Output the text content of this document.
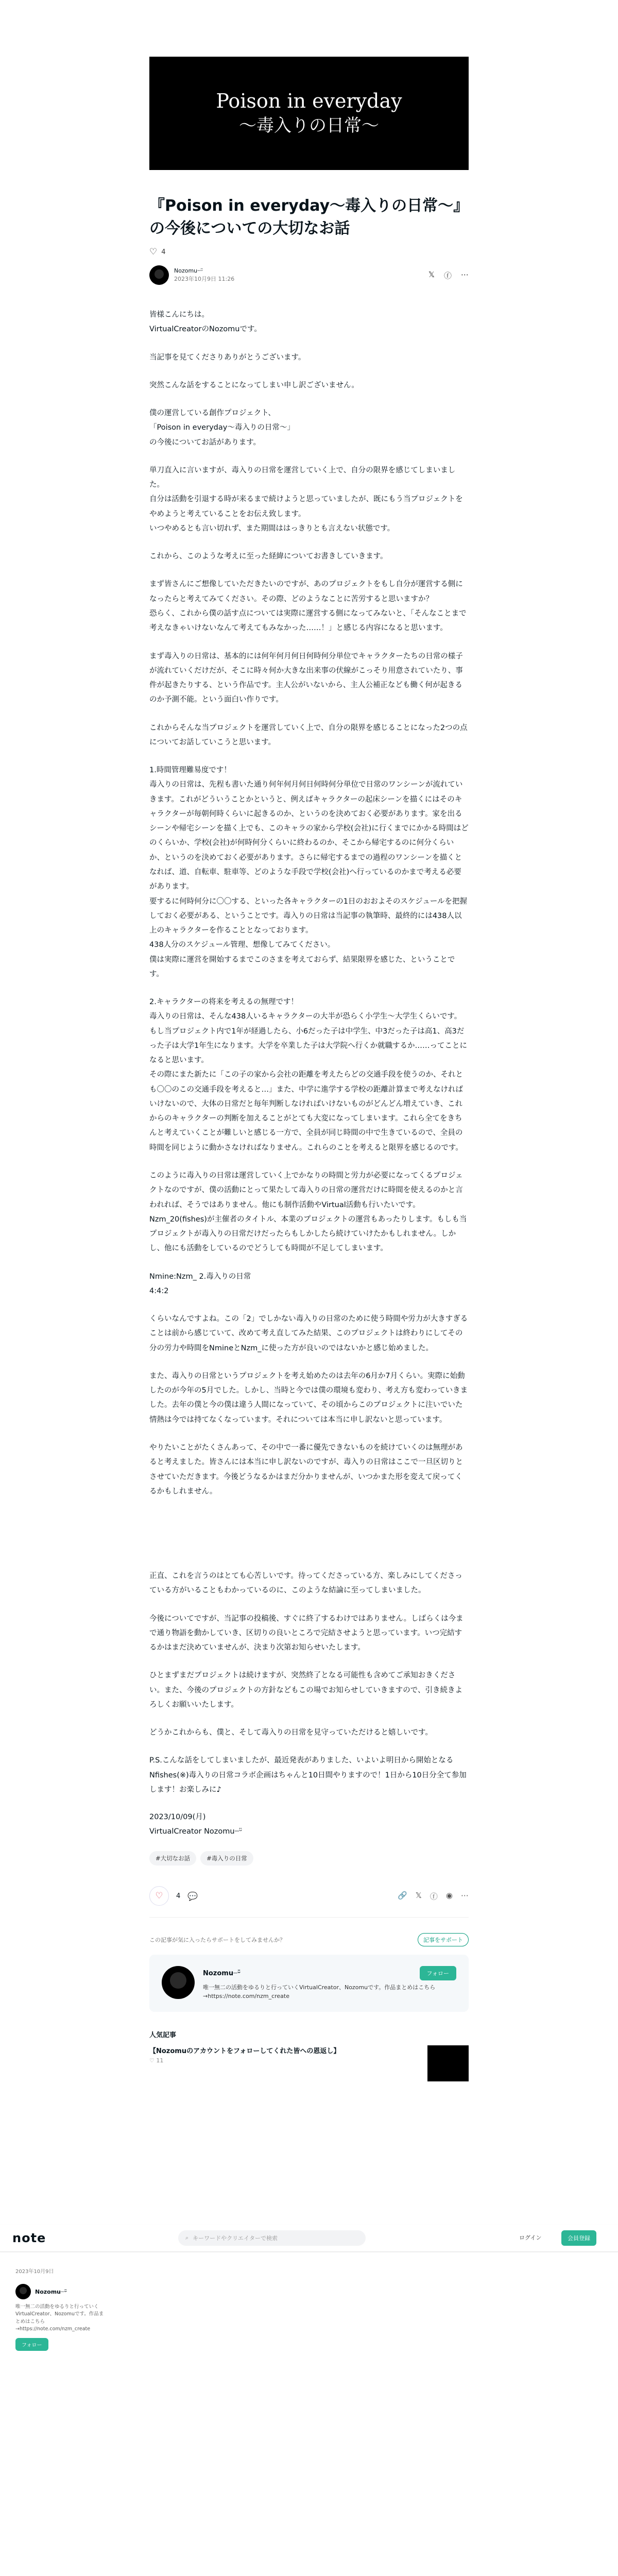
Poison in everyday
～毒入りの日常～
『Poison in everyday～毒入りの日常～』の今後についての大切なお話
♡ 4
Nozomu┈ᵕ̈
2023年10月9日 11:26	𝕏 ⓕ ⋯

皆様こんにちは。
VirtualCreatorのNozomuです。

当記事を見てくださりありがとうございます。

突然こんな話をすることになってしまい申し訳ございません。

僕の運営している創作プロジェクト、
「Poison in everyday～毒入りの日常～」
の今後についてお話があります。

単刀直入に言いますが、毒入りの日常を運営していく上で、自分の限界を感じてしまいました。
自分は活動を引退する時が来るまで続けようと思っていましたが、既にもう当プロジェクトをやめようと考えていることをお伝え致します。
いつやめるとも言い切れず、また期間ははっきりとも言えない状態です。

これから、このような考えに至った経緯についてお書きしていきます。

まず皆さんにご想像していただきたいのですが、あのプロジェクトをもし自分が運営する側になったらと考えてみてください。その際、どのようなことに苦労すると思いますか？
恐らく、これから僕の話す点については実際に運営する側になってみないと、「そんなことまで考えなきゃいけないなんて考えてもみなかった……！」と感じる内容になると思います。

まず毒入りの日常は、基本的には何年何月何日何時何分単位でキャラクターたちの日常の様子が流れていくだけだが、そこに時々何か大きな出来事の伏線がこっそり用意されていたり、事件が起きたりする、という作品です。主人公がいないから、主人公補正なども働く何が起きるのか予測不能。という面白い作りです。

これからそんな当プロジェクトを運営していく上で、自分の限界を感じることになった2つの点についてお話していこうと思います。

1.時間管理難易度です！
毒入りの日常は、先程も書いた通り何年何月何日何時何分単位で日常のワンシーンが流れていきます。これがどういうことかというと、例えばキャラクターの起床シーンを描くにはそのキャラクターが毎朝何時くらいに起きるのか、というのを決めておく必要があります。家を出るシーンや帰宅シーンを描く上でも、このキャラの家から学校(会社)に行くまでにかかる時間はどのくらいか、学校(会社)が何時何分くらいに終わるのか、そこから帰宅するのに何分くらいか、というのを決めておく必要があります。さらに帰宅するまでの過程のワンシーンを描くとなれば、道、自転車、駐車等、どのような手段で学校(会社)へ行っているのかまで考える必要があります。
要するに何時何分に〇〇する、といった各キャラクターの1日のおおよそのスケジュールを把握しておく必要がある、ということです。毒入りの日常は当記事の執筆時、最終的には438人以上のキャラクターを作ることとなっております。
438人分のスケジュール管理、想像してみてください。
僕は実際に運営を開始するまでこのさまを考えておらず、結果限界を感じた、ということです。

2.キャラクターの将来を考えるの無理です！
毒入りの日常は、そんな438人いるキャラクターの大半が恐らく小学生〜大学生くらいです。もし当プロジェクト内で1年が経過したら、小6だった子は中学生、中3だった子は高1、高3だった子は大学1年生になります。大学を卒業した子は大学院へ行くか就職するか……ってことになると思います。
その際にまた新たに「この子の家から会社の距離を考えたらどの交通手段を使うのか、それとも〇〇のこの交通手段を考えると…」また、中学に進学する学校の距離計算まで考えなければいけないので、大体の日常だと毎年判断しなければいけないものがどんどん増えていき、これからのキャラクターの判断を加えることがとても大変になってしまいます。これら全てをきちんと考えていくことが難しいと感じる一方で、全員が同じ時間の中で生きているので、全員の時間を同じように動かさなければなりません。これらのことを考えると限界を感じるのです。

このように毒入りの日常は運営していく上でかなりの時間と労力が必要になってくるプロジェクトなのですが、僕の活動にとって果たして毒入りの日常の運営だけに時間を使えるのかと言われれば、そうではありません。他にも制作活動やVirtual活動も行いたいです。Nzm_20(fishes)が主催者のタイトル、本業のプロジェクトの運営もあったりします。もしも当プロジェクトが毒入りの日常だけだったらもしかしたら続けていけたかもしれません。しかし、他にも活動をしているのでどうしても時間が不足してしまいます。

Nmine:Nzm_ 2.毒入りの日常
4:4:2

くらいなんですよね。この「2」でしかない毒入りの日常のために使う時間や労力が大きすぎることは前から感じていて、改めて考え直してみた結果、このプロジェクトは終わりにしてその分の労力や時間をNmineとNzm_に使った方が良いのではないかと感じ始めました。

また、毒入りの日常というプロジェクトを考え始めたのは去年の6月か7月くらい。実際に始動したのが今年の5月でした。しかし、当時と今では僕の環境も変わり、考え方も変わっていきました。去年の僕と今の僕は違う人間になっていて、その頃からこのプロジェクトに注いでいた情熱は今では持てなくなっています。それについては本当に申し訳ないと思っています。

やりたいことがたくさんあって、その中で一番に優先できないものを続けていくのは無理があると考えました。皆さんには本当に申し訳ないのですが、毒入りの日常はここで一旦区切りとさせていただきます。今後どうなるかはまだ分かりませんが、いつかまた形を変えて戻ってくるかもしれません。

正直、これを言うのはとても心苦しいです。待ってくださっている方、楽しみにしてくださっている方がいることもわかっているのに、このような結論に至ってしまいました。

今後についてですが、当記事の投稿後、すぐに終了するわけではありません。しばらくは今まで通り物語を動かしていき、区切りの良いところで完結させようと思っています。いつ完結するかはまだ決めていませんが、決まり次第お知らせいたします。

ひとまずまだプロジェクトは続けますが、突然終了となる可能性も含めてご承知おきください。また、今後のプロジェクトの方針などもこの場でお知らせしていきますので、引き続きよろしくお願いいたします。

どうかこれからも、僕と、そして毒入りの日常を見守っていただけると嬉しいです。

P.S.こんな話をしてしまいましたが、最近発表がありました、いよいよ明日から開始となるNfishes(※)毒入りの日常コラボ企画はちゃんと10日間やりますので！1日から10日分全て参加します！お楽しみに♪

2023/10/09(月)
VirtualCreator Nozomu┈ᵕ̈
#大切なお話	#毒入りの日常
♡ 4 💬	🔗 𝕏 ⓕ ◉ ⋯
この記事が気に入ったらサポートをしてみませんか？	記事をサポート
Nozomu┈ᵕ̈	フォロー
唯一無二の活動をゆるりと行っていくVirtualCreator、Nozomuです。作品まとめはこちら
→https://note.com/nzm_create
人気記事
【Nozomuのアカウントをフォローしてくれた皆への恩返し】
♡ 11
note	⌕ キーワードやクリエイターで検索	ログイン	会員登録
2023年10月9日
Nozomu┈ᵕ̈
唯一無二の活動をゆるりと行っていくVirtualCreator、Nozomuです。作品まとめはこちら→https://note.com/nzm_create
フォロー
